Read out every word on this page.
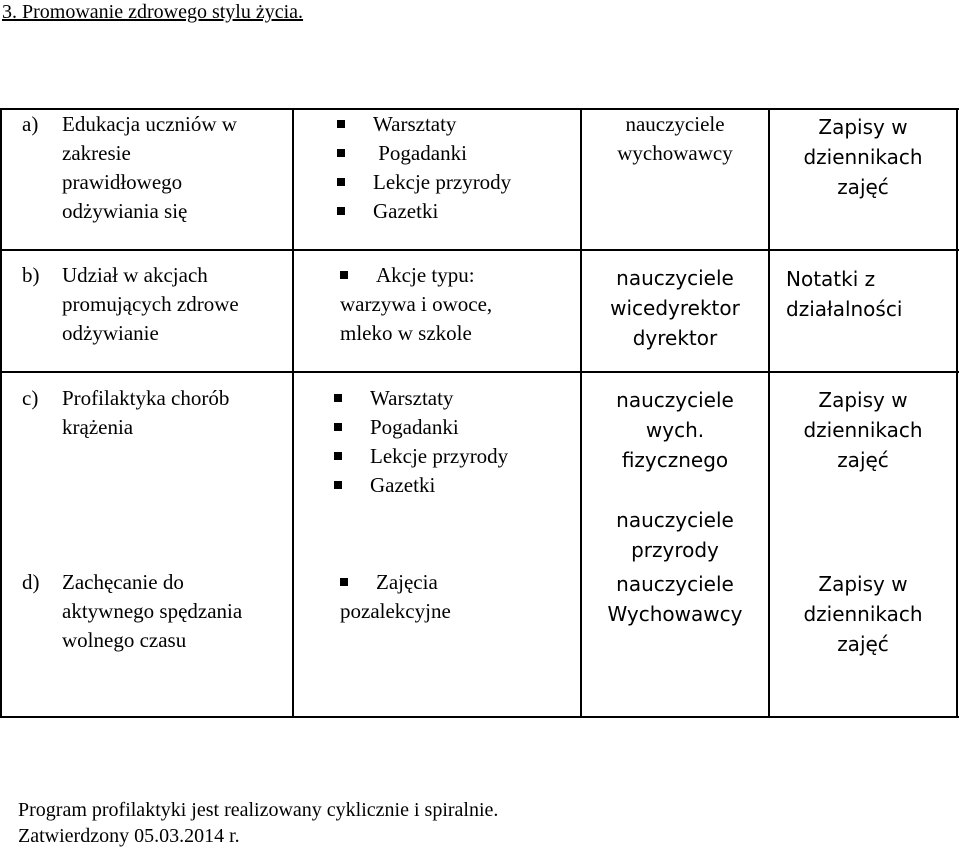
3. Promowanie zdrowego stylu życia.
a) Edukacja uczniów w
zakresie
prawidłowego
odżywiania się
Warsztaty
Pogadanki
Lekcje przyrody
Gazetki
nauczyciele
wychowawcy
Zapisy w
dziennikach
zajęć
b) Udział w akcjach
promujących zdrowe
odżywianie
Akcje typu:
warzywa i owoce,
mleko w szkole
nauczyciele
wicedyrektor
dyrektor
Notatki z
działalności
c) Profilaktyka chorób
krążenia
Warsztaty
Pogadanki
Lekcje przyrody
Gazetki
nauczyciele
wych.
fizycznego

nauczyciele
przyrody
Zapisy w
dziennikach
zajęć
d) Zachęcanie do
aktywnego spędzania
wolnego czasu
Zajęcia
pozalekcyjne
nauczyciele
Wychowawcy
Zapisy w
dziennikach
zajęć
Program profilaktyki jest realizowany cyklicznie i spiralnie.
Zatwierdzony 05.03.2014 r.
